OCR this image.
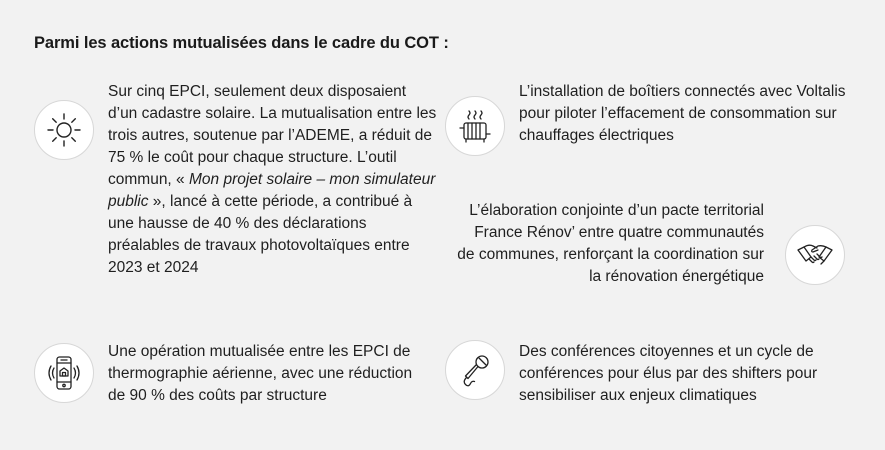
Parmi les actions mutualisées dans le cadre du COT :
Sur cinq EPCI, seulement deux disposaient d’un cadastre solaire. La mutualisation entre les trois autres, soutenue par l’ADEME, a réduit de 75 % le coût pour chaque structure. L’outil commun, « Mon projet solaire – mon simulateur public », lancé à cette période, a contribué à une hausse de 40 % des déclarations préalables de travaux photovoltaïques entre 2023 et 2024
L’installation de boîtiers connectés avec Voltalis pour piloter l’effacement de consommation sur chauffages électriques
L’élaboration conjointe d’un pacte territorial France Rénov’ entre quatre communautés de communes, renforçant la coordination sur la rénovation énergétique
Une opération mutualisée entre les EPCI de thermographie aérienne, avec une réduction de 90 % des coûts par structure
Des conférences citoyennes et un cycle de conférences pour élus par des shifters pour sensibiliser aux enjeux climatiques
